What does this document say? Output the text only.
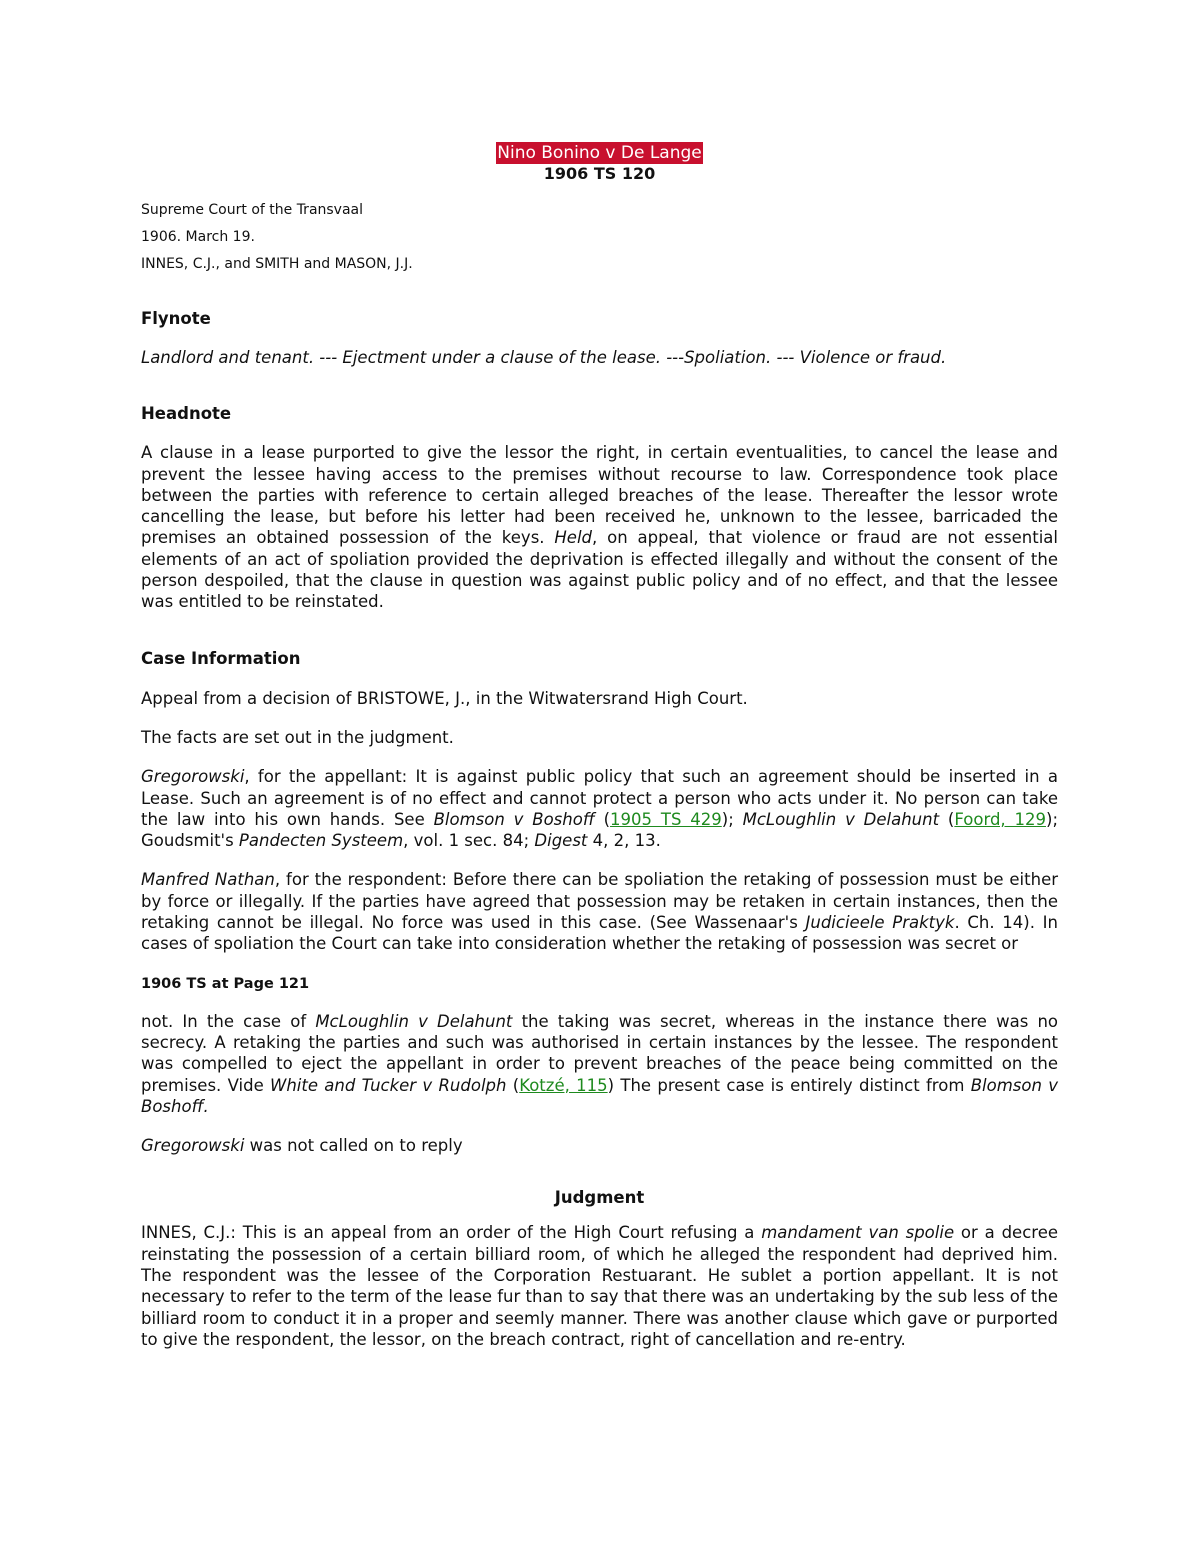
Nino Bonino v De Lange
1906 TS 120

Supreme Court of the Transvaal

1906. March 19.

INNES, C.J., and SMITH and MASON, J.J.

Flynote

Landlord and tenant. --- Ejectment under a clause of the lease. ---Spoliation. --- Violence or fraud.

Headnote

A clause in a lease purported to give the lessor the right, in certain eventualities, to cancel the lease and prevent the lessee having access to the premises without recourse to law. Correspondence took place between the parties with reference to certain alleged breaches of the lease. Thereafter the lessor wrote cancelling the lease, but before his letter had been received he, unknown to the lessee, barricaded the premises an obtained possession of the keys. Held, on appeal, that violence or fraud are not essential elements of an act of spoliation provided the deprivation is effected illegally and without the consent of the person despoiled, that the clause in question was against public policy and of no effect, and that the lessee was entitled to be reinstated.

Case Information

Appeal from a decision of BRISTOWE, J., in the Witwatersrand High Court.

The facts are set out in the judgment.

Gregorowski, for the appellant: It is against public policy that such an agreement should be inserted in a Lease. Such an agreement is of no effect and cannot protect a person who acts under it. No person can take the law into his own hands. See Blomson v Boshoff (1905 TS 429); McLoughlin v Delahunt (Foord, 129); Goudsmit's Pandecten Systeem, vol. 1 sec. 84; Digest 4, 2, 13.

Manfred Nathan, for the respondent: Before there can be spoliation the retaking of possession must be either by force or illegally. If the parties have agreed that possession may be retaken in certain instances, then the retaking cannot be illegal. No force was used in this case. (See Wassenaar's Judicieele Praktyk. Ch. 14). In cases of spoliation the Court can take into consideration whether the retaking of possession was secret or

1906 TS at Page 121

not. In the case of McLoughlin v Delahunt the taking was secret, whereas in the instance there was no secrecy. A retaking the parties and such was authorised in certain instances by the lessee. The respondent was compelled to eject the appellant in order to prevent breaches of the peace being committed on the premises. Vide White and Tucker v Rudolph (Kotzé, 115) The present case is entirely distinct from Blomson v Boshoff.

Gregorowski was not called on to reply

Judgment

INNES, C.J.: This is an appeal from an order of the High Court refusing a mandament van spolie or a decree reinstating the possession of a certain billiard room, of which he alleged the respondent had deprived him. The respondent was the lessee of the Corporation Restuarant. He sublet a portion appellant. It is not necessary to refer to the term of the lease fur than to say that there was an undertaking by the sub less of the billiard room to conduct it in a proper and seemly manner. There was another clause which gave or purported to give the respondent, the lessor, on the breach contract, right of cancellation and re-entry.
